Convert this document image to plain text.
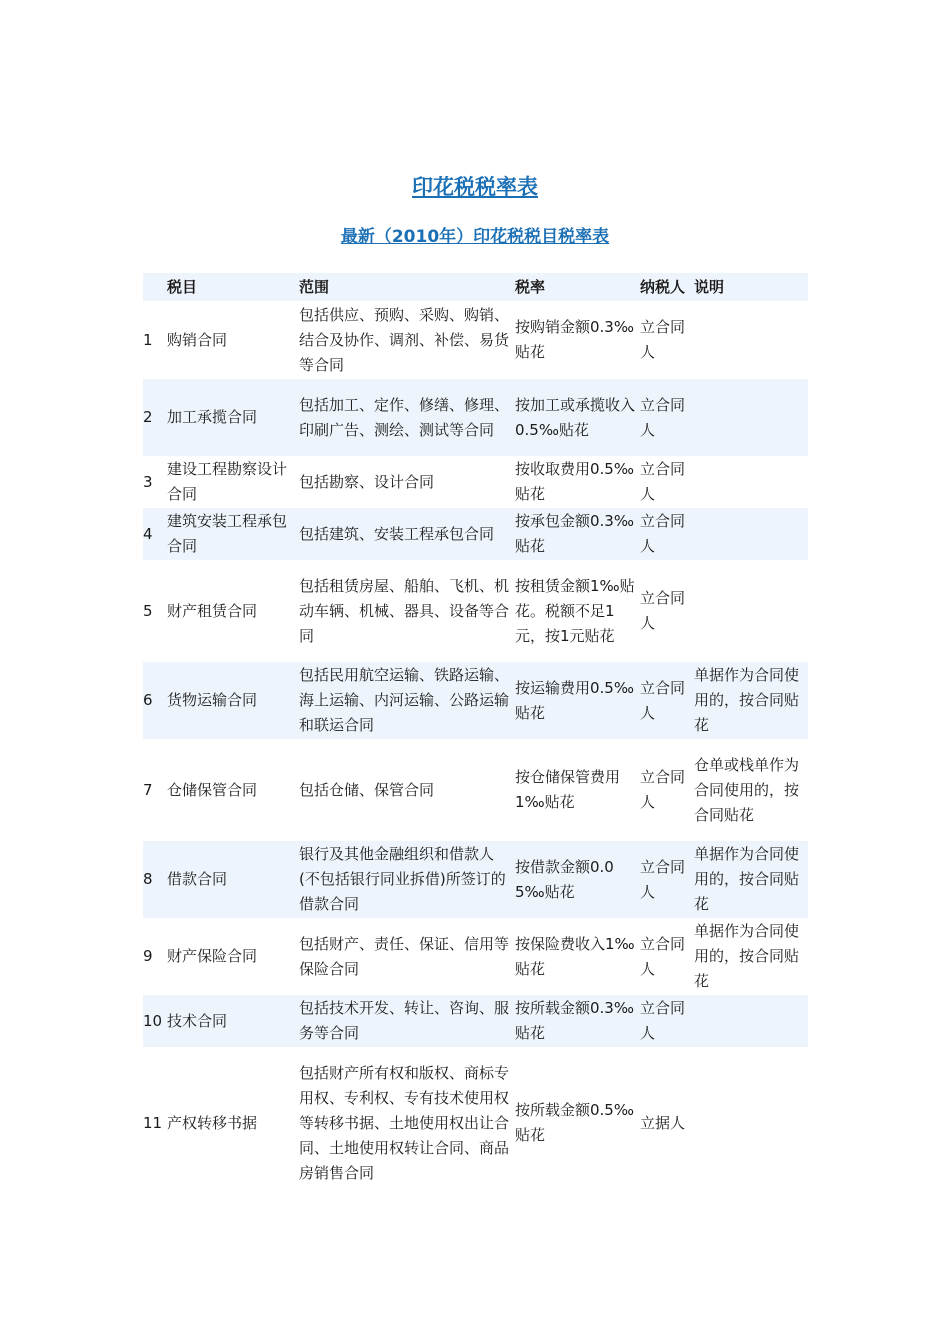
印花税税率表
最新（2010年）印花税税目税率表
	税目	范围	税率	纳税人	说明
1	购销合同	包括供应、预购、采购、购销、结合及协作、调剂、补偿、易货等合同	按购销金额0.3‰贴花	立合同人	
2	加工承揽合同	包括加工、定作、修缮、修理、印刷广告、测绘、测试等合同	按加工或承揽收入0.5‰贴花	立合同人	
3	建设工程勘察设计合同	包括勘察、设计合同	按收取费用0.5‰贴花	立合同人	
4	建筑安装工程承包合同	包括建筑、安装工程承包合同	按承包金额0.3‰贴花	立合同人	
5	财产租赁合同	包括租赁房屋、船舶、飞机、机动车辆、机械、器具、设备等合同	按租赁金额1‰贴花。税额不足1元，按1元贴花	立合同人	
6	货物运输合同	包括民用航空运输、铁路运输、海上运输、内河运输、公路运输和联运合同	按运输费用0.5‰贴花	立合同人	单据作为合同使用的，按合同贴花
7	仓储保管合同	包括仓储、保管合同	按仓储保管费用1‰贴花	立合同人	仓单或栈单作为合同使用的，按合同贴花
8	借款合同	银行及其他金融组织和借款人(不包括银行同业拆借)所签订的借款合同	按借款金额0.05‰贴花	立合同人	单据作为合同使用的，按合同贴花
9	财产保险合同	包括财产、责任、保证、信用等保险合同	按保险费收入1‰贴花	立合同人	单据作为合同使用的，按合同贴花
10	技术合同	包括技术开发、转让、咨询、服务等合同	按所载金额0.3‰贴花	立合同人	
11	产权转移书据	包括财产所有权和版权、商标专用权、专利权、专有技术使用权等转移书据、土地使用权出让合同、土地使用权转让合同、商品房销售合同	按所载金额0.5‰贴花	立据人	
